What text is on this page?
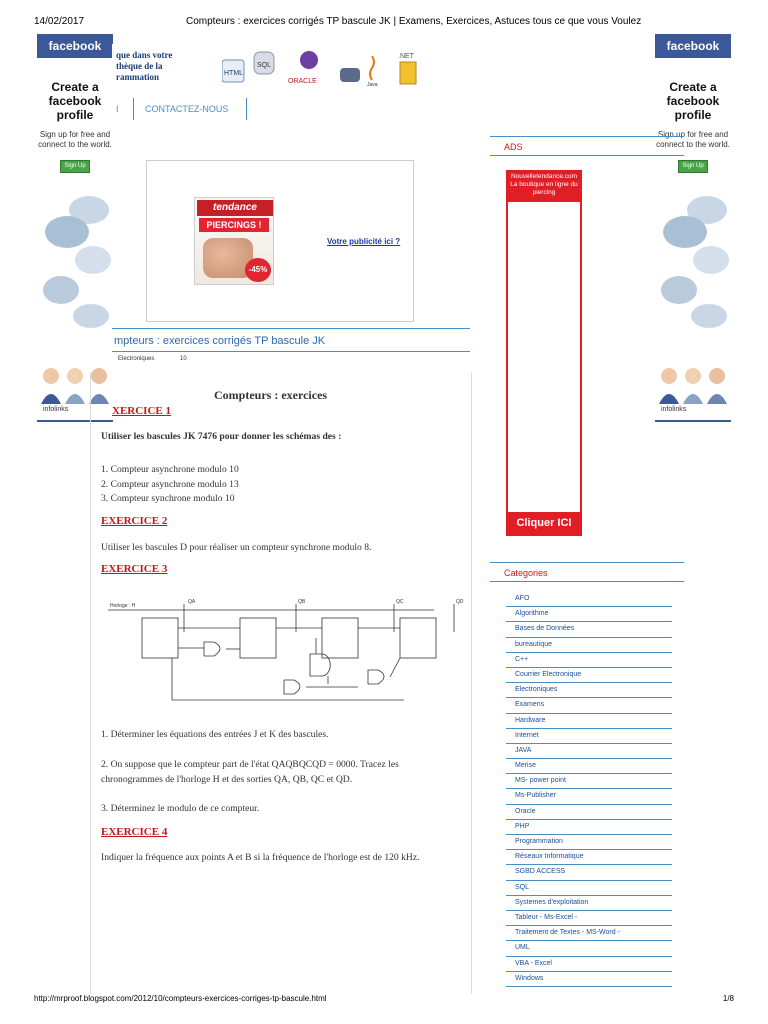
14/02/2017	Compteurs : exercices corrigés TP bascule JK | Examens, Exercices, Astuces tous ce que vous Voulez
facebook
Create a facebook profile
Sign up for free and connect to the world.
Sign Up
infolinks
facebook
Create a facebook profile
Sign up for free and connect to the world.
Sign Up
infolinks
que dans votre
thèque de la
rammation	HTML
SQL
ORACLE	Java
.NET
I	CONTACTEZ-NOUS
tendance
PIERCINGS !
-45%
Votre publicité ici ?
ADS
Nouvelletendance.com La boutique en ligne du piercing
Cliquer ICI
mpteurs : exercices corrigés TP bascule JK
Electroniques	10
Compteurs : exercices
XERCICE 1
Utiliser les bascules JK 7476 pour donner les schémas des :
1. Compteur asynchrone modulo 10
2. Compteur asynchrone modulo 13
3. Compteur synchrone modulo 10
EXERCICE 2
Utiliser les bascules D pour réaliser un compteur synchrone modulo 8.
EXERCICE 3
Horloge : H
QA	QB	QC	QD
1. Déterminer les équations des entrées J et K des bascules.
2. On suppose que le compteur part de l'état QAQBQCQD = 0000. Tracez les chronogrammes de l'horloge H et des sorties QA, QB, QC et QD.
3. Déterminez le modulo de ce compteur.
EXERCICE 4
Indiquer la fréquence aux points A et B si la fréquence de l'horloge est de 120 kHz.
Categories
AFO
Algorithme
Bases de Données
bureautique
C++
Courrier Electronique
Electroniques
Examens
Hardware
Internet
JAVA
Merise
MS- power point
Ms-Publisher
Oracle
PHP
Programmation
Réseaux Informatique
SGBD ACCESS
SQL
Systemes d'exploitation
Tableur - Ms-Excel -
Traitement de Textes - MS-Word -
UML
VBA - Excel
Windows
http://mrproof.blogspot.com/2012/10/compteurs-exercices-corriges-tp-bascule.html	1/8
